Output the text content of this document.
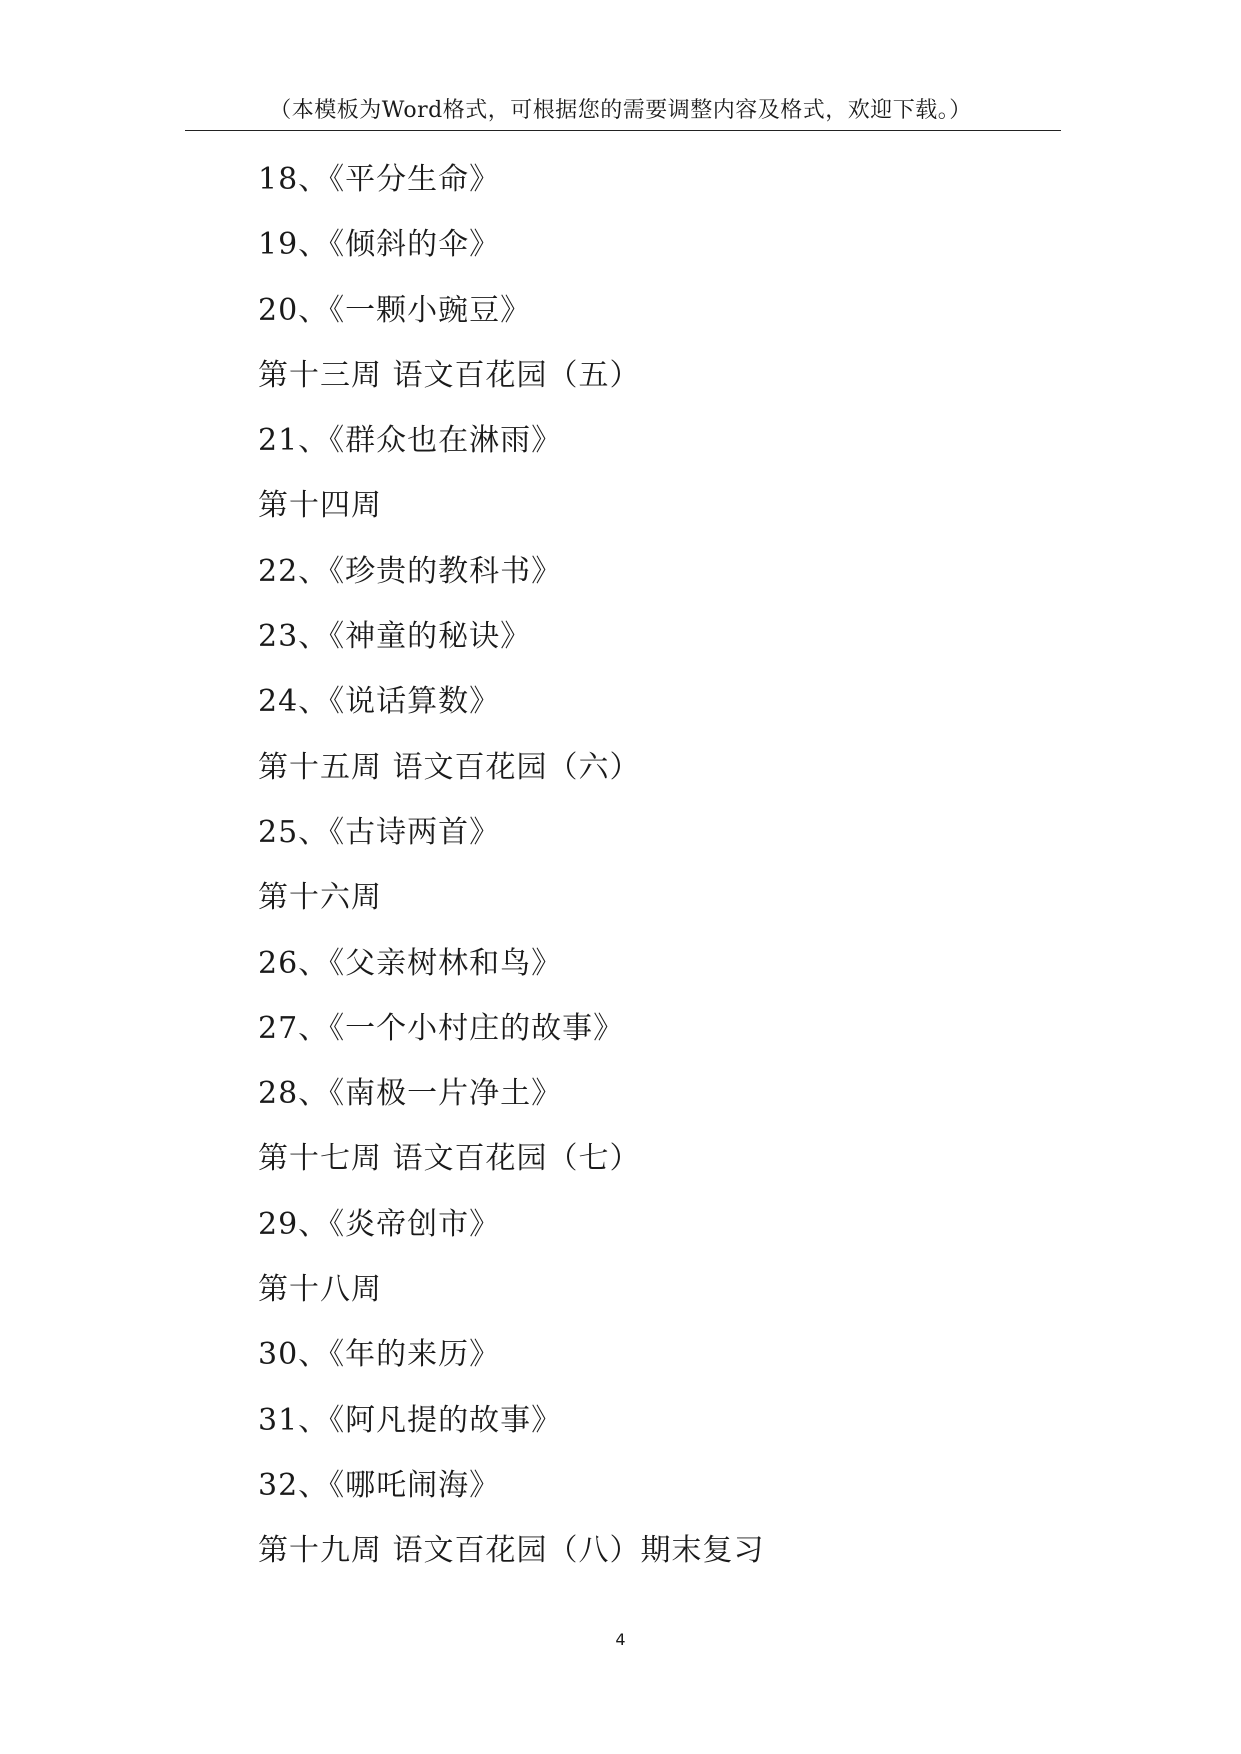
（本模板为Word格式，可根据您的需要调整内容及格式，欢迎下载。）
18、《平分生命》
19、《倾斜的伞》
20、《一颗小豌豆》
第十三周 语文百花园（五）
21、《群众也在淋雨》
第十四周
22、《珍贵的教科书》
23、《神童的秘诀》
24、《说话算数》
第十五周 语文百花园（六）
25、《古诗两首》
第十六周
26、《父亲树林和鸟》
27、《一个小村庄的故事》
28、《南极一片净土》
第十七周 语文百花园（七）
29、《炎帝创市》
第十八周
30、《年的来历》
31、《阿凡提的故事》
32、《哪吒闹海》
第十九周 语文百花园（八）期末复习
4
